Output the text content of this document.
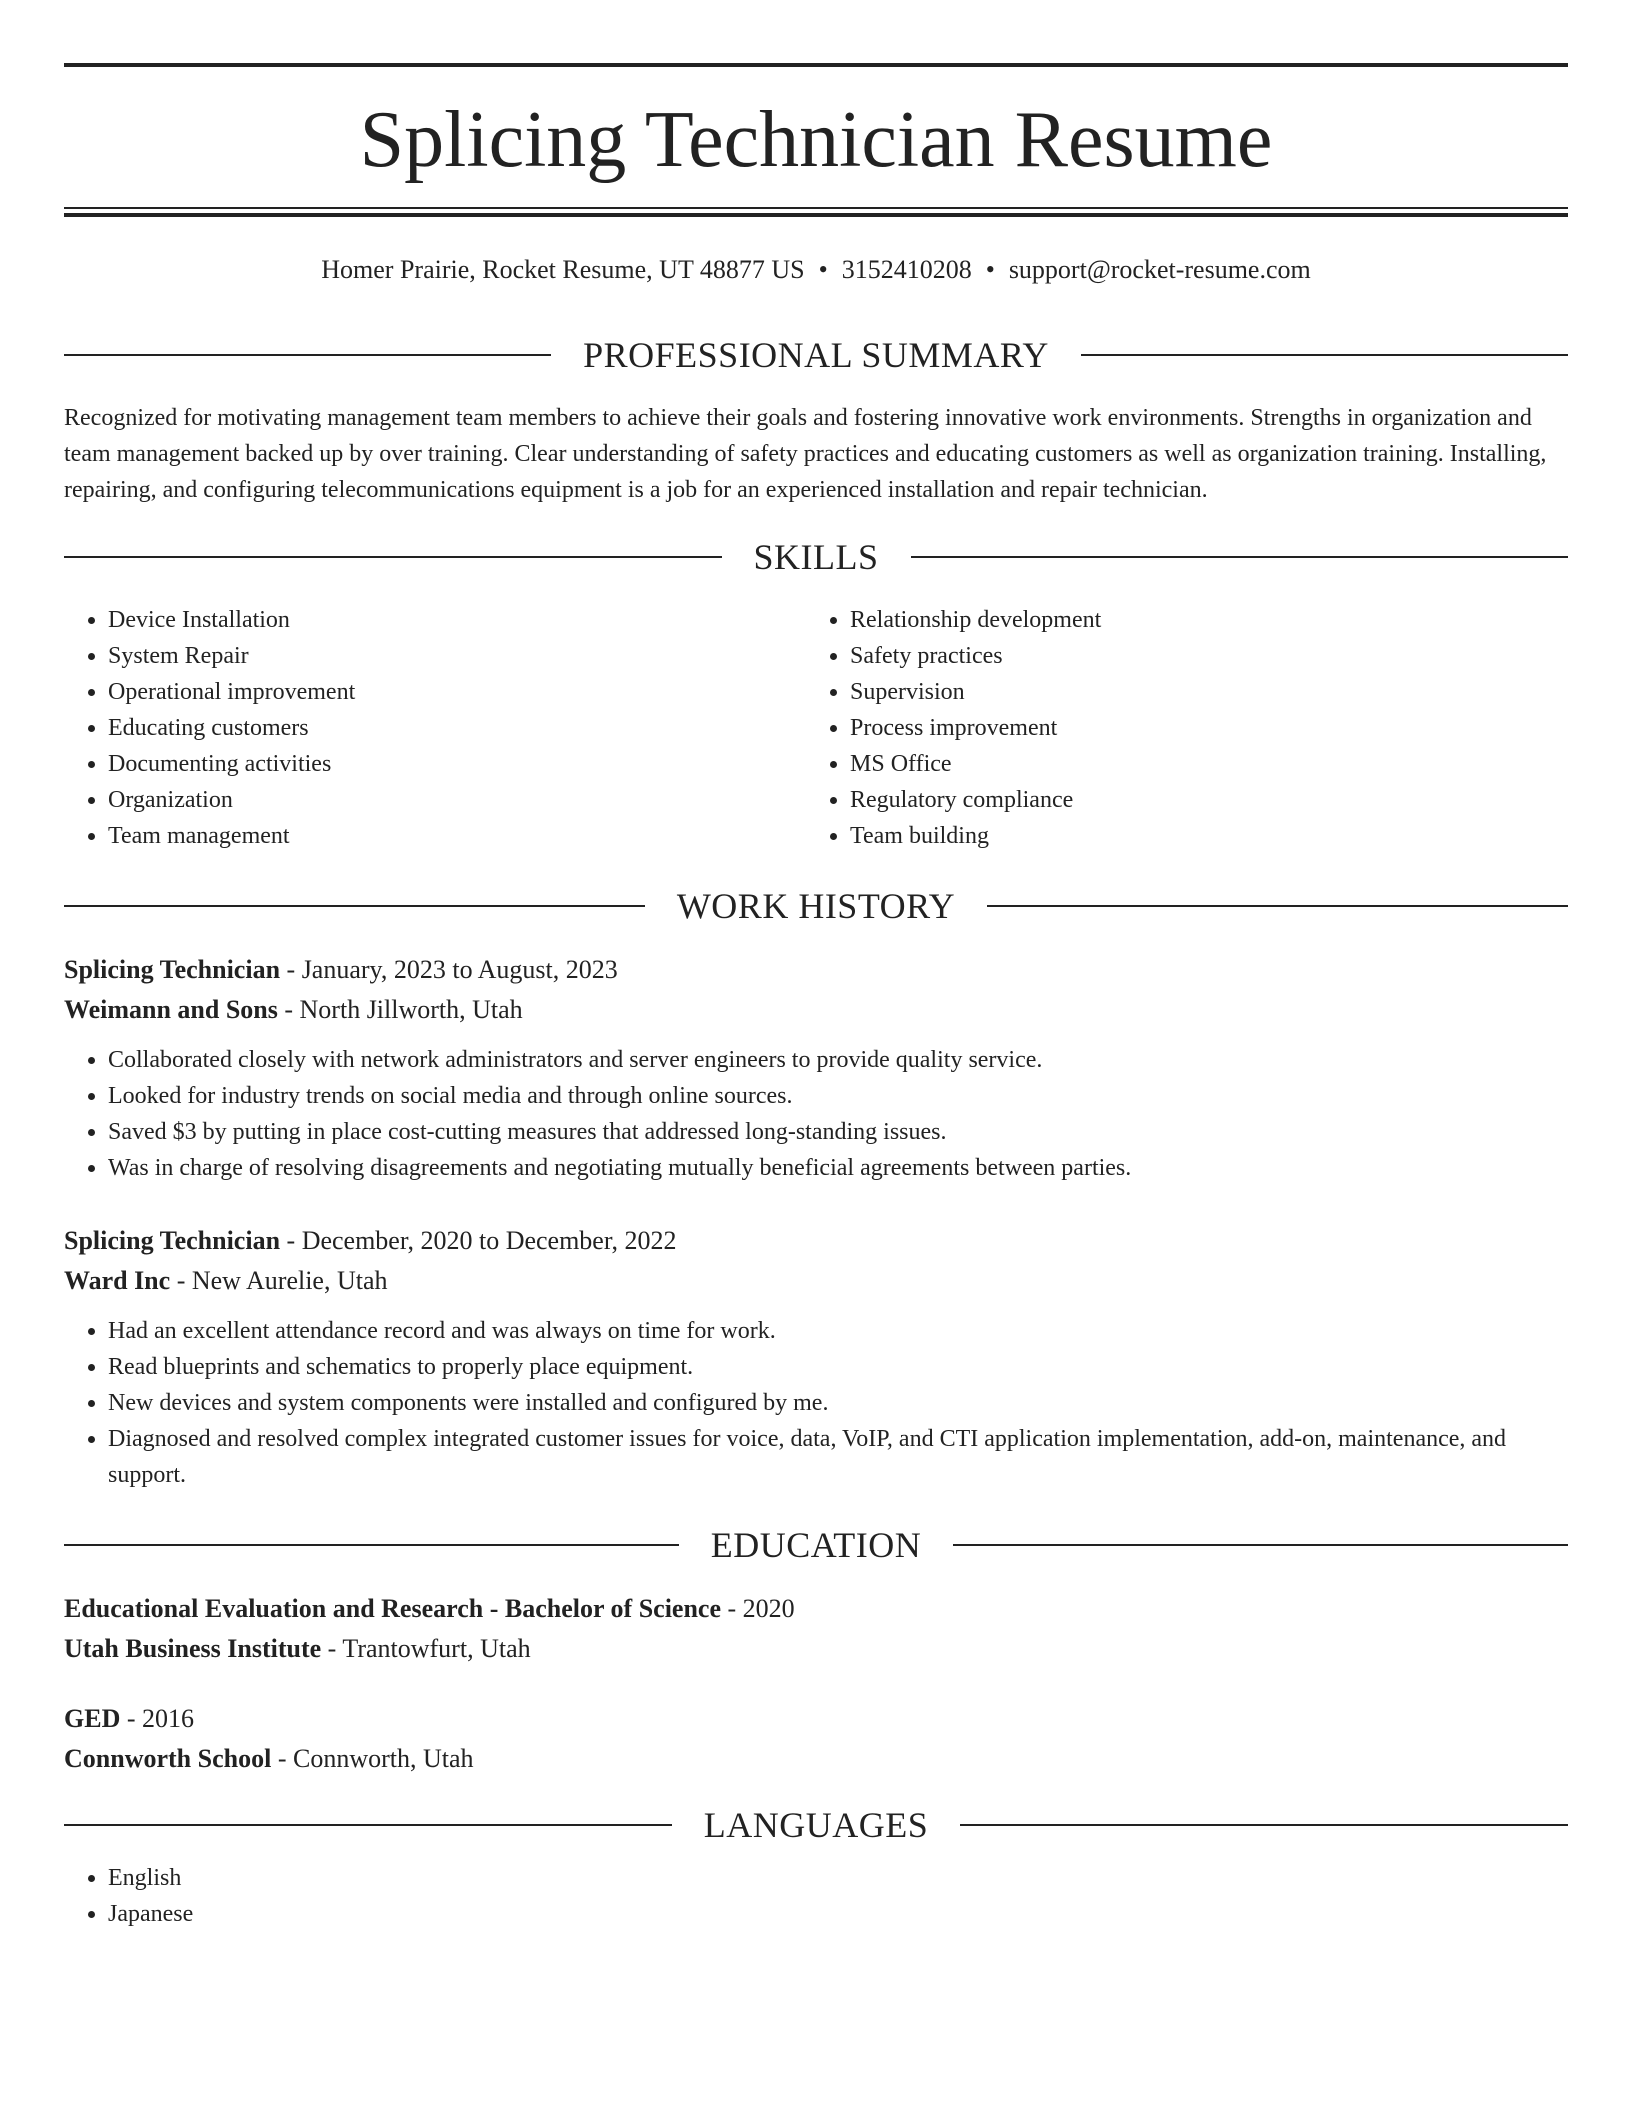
Splicing Technician Resume
Homer Prairie, Rocket Resume, UT 48877 US • 3152410208 • support@rocket-resume.com
PROFESSIONAL SUMMARY

Recognized for motivating management team members to achieve their goals and fostering innovative work environments. Strengths in organization and team management backed up by over training. Clear understanding of safety practices and educating customers as well as organization training. Installing, repairing, and configuring telecommunications equipment is a job for an experienced installation and repair technician.

SKILLS
• Device Installation
• System Repair
• Operational improvement
• Educating customers
• Documenting activities
• Organization
• Team management
• Relationship development
• Safety practices
• Supervision
• Process improvement
• MS Office
• Regulatory compliance
• Team building
WORK HISTORY
Splicing Technician - January, 2023 to August, 2023
Weimann and Sons - North Jillworth, Utah
• Collaborated closely with network administrators and server engineers to provide quality service.
• Looked for industry trends on social media and through online sources.
• Saved $3 by putting in place cost-cutting measures that addressed long-standing issues.
• Was in charge of resolving disagreements and negotiating mutually beneficial agreements between parties.
Splicing Technician - December, 2020 to December, 2022
Ward Inc - New Aurelie, Utah
• Had an excellent attendance record and was always on time for work.
• Read blueprints and schematics to properly place equipment.
• New devices and system components were installed and configured by me.
• Diagnosed and resolved complex integrated customer issues for voice, data, VoIP, and CTI application implementation, add-on, maintenance, and support.
EDUCATION
Educational Evaluation and Research - Bachelor of Science - 2020
Utah Business Institute - Trantowfurt, Utah
GED - 2016
Connworth School - Connworth, Utah
LANGUAGES
• English
• Japanese
